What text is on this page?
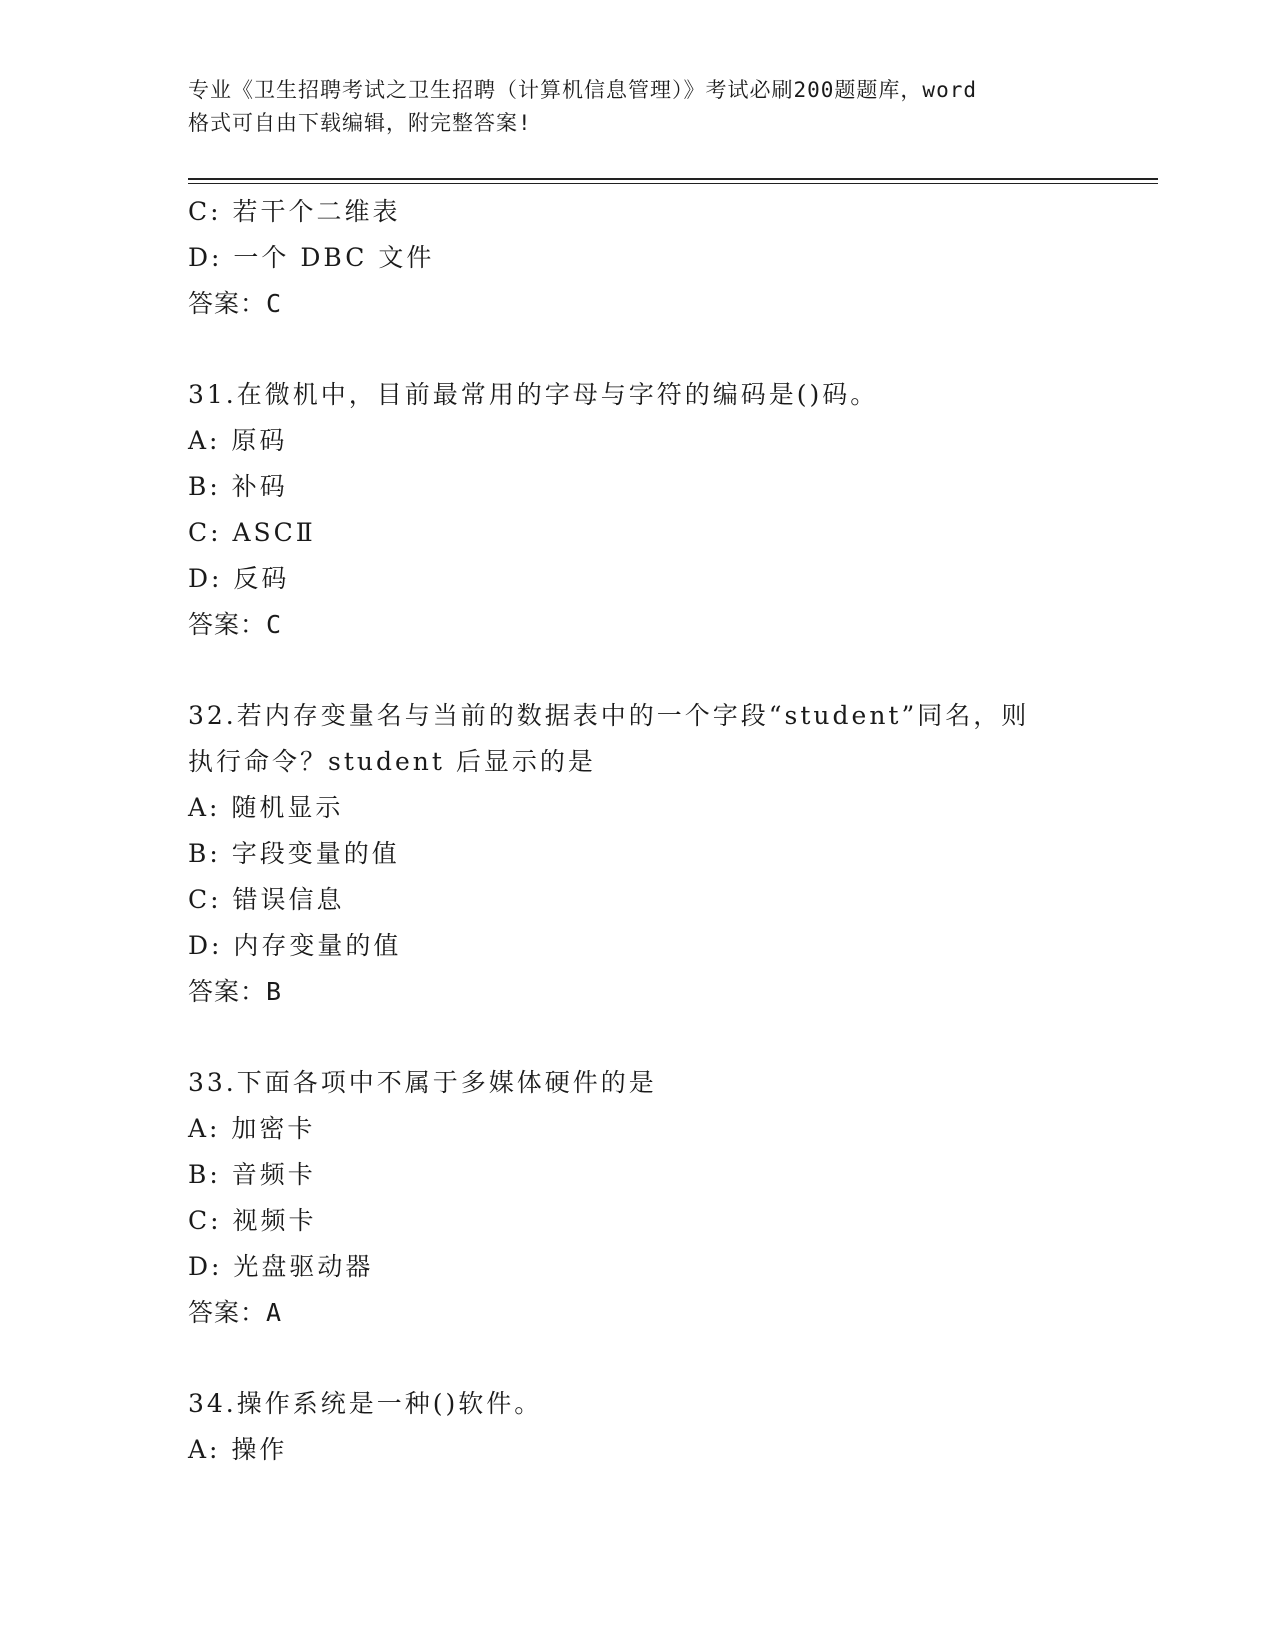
专业《卫生招聘考试之卫生招聘（计算机信息管理）》考试必刷200题题库，word
格式可自由下载编辑，附完整答案!
C: 若干个二维表
D: 一个 DBC 文件
答案：C
31.在微机中，目前最常用的字母与字符的编码是()码。
A: 原码
B: 补码
C: ASCⅡ
D: 反码
答案：C
32.若内存变量名与当前的数据表中的一个字段“student”同名，则
执行命令？student 后显示的是
A: 随机显示
B: 字段变量的值
C: 错误信息
D: 内存变量的值
答案：B
33.下面各项中不属于多媒体硬件的是
A: 加密卡
B: 音频卡
C: 视频卡
D: 光盘驱动器
答案：A
34.操作系统是一种()软件。
A: 操作
